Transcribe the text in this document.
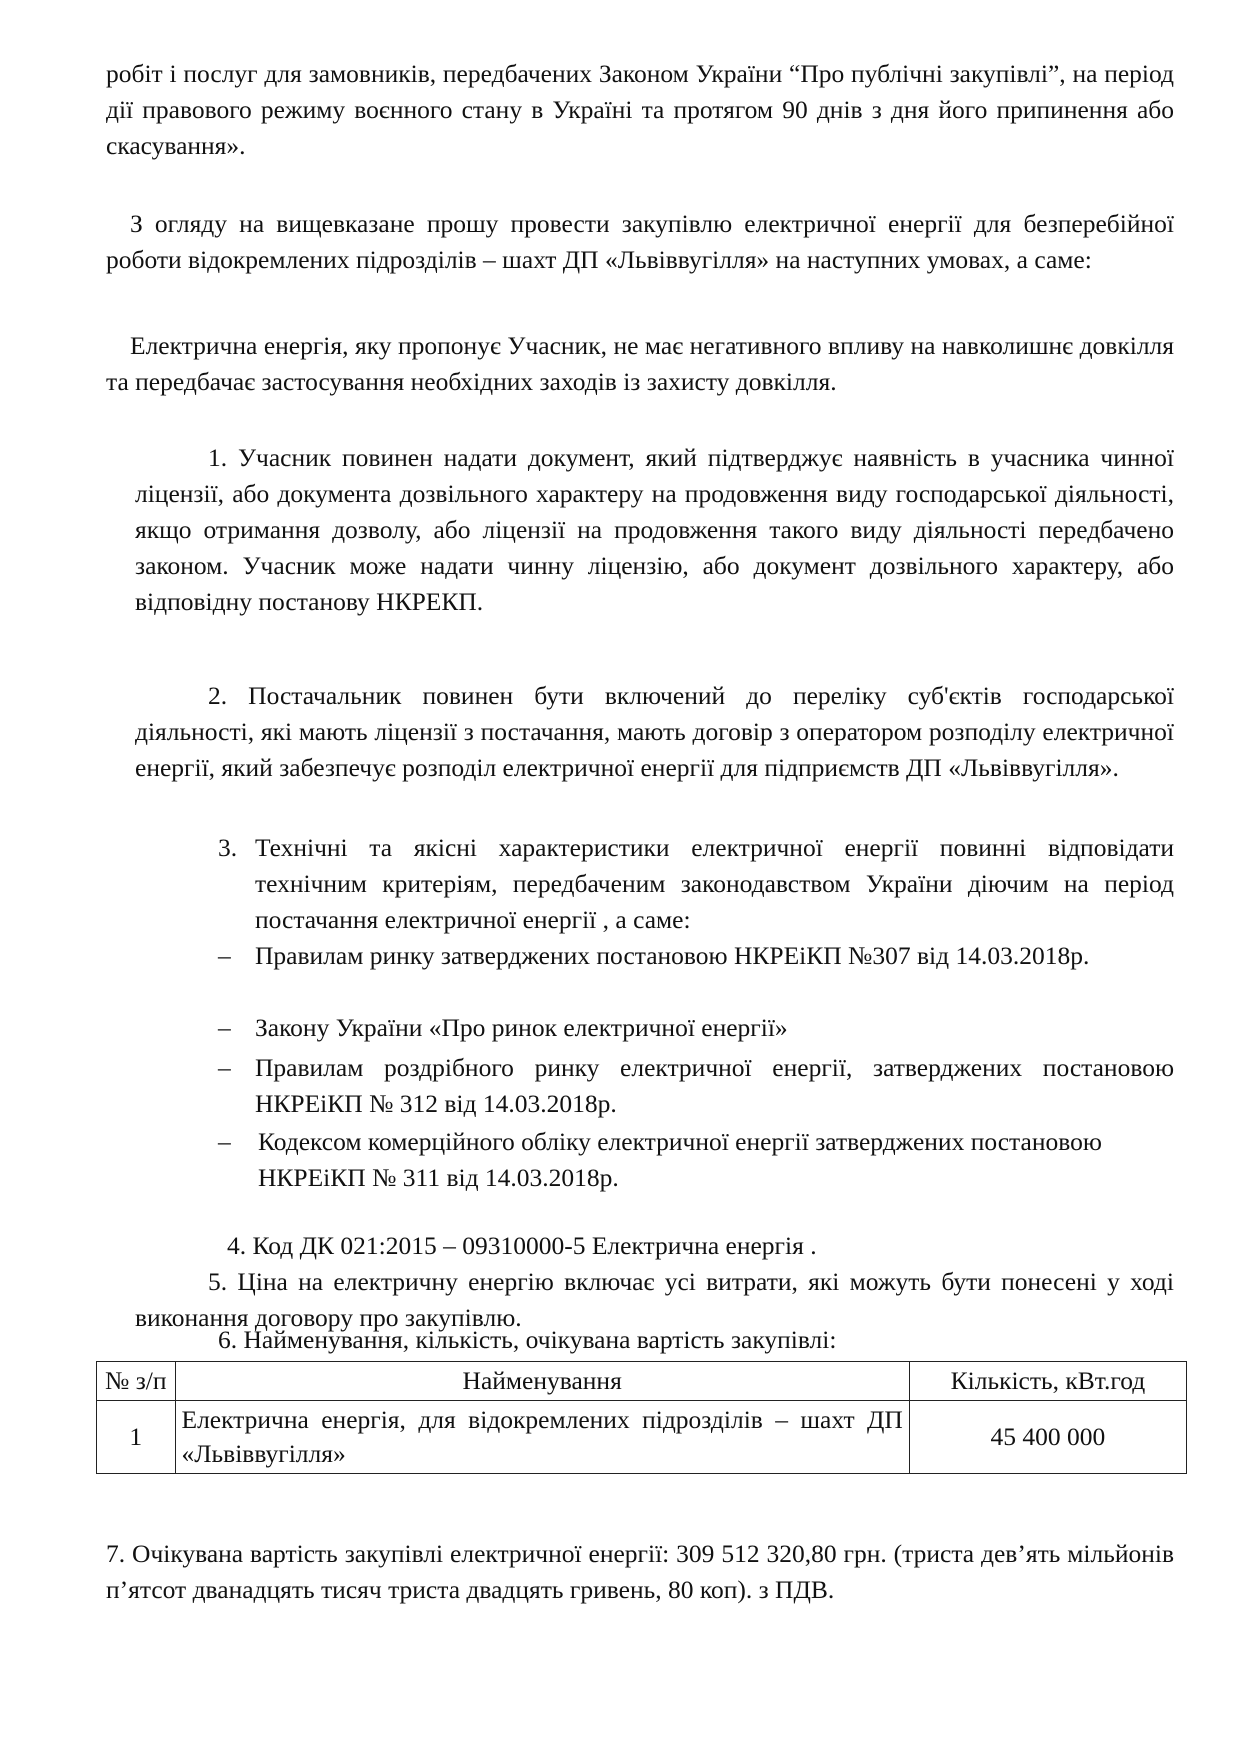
робіт і послуг для замовників, передбачених Законом України “Про публічні закупівлі”, на період дії правового режиму воєнного стану в Україні та протягом 90 днів з дня його припинення або скасування».

З огляду на вищевказане прошу провести закупівлю електричної енергії для безперебійної роботи відокремлених підрозділів – шахт ДП «Львіввугілля» на наступних умовах, а саме:

Електрична енергія, яку пропонує Учасник, не має негативного впливу на навколишнє довкілля та передбачає застосування необхідних заходів із захисту довкілля.

1. Учасник повинен надати документ, який підтверджує наявність в учасника чинної ліцензії, або документа дозвільного характеру на продовження виду господарської діяльності, якщо отримання дозволу, або ліцензії на продовження такого виду діяльності передбачено законом. Учасник може надати чинну ліцензію, або документ дозвільного характеру, або відповідну постанову НКРЕКП.

2. Постачальник повинен бути включений до переліку суб'єктів господарської діяльності, які мають ліцензії з постачання, мають договір з оператором розподілу електричної енергії, який забезпечує розподіл електричної енергії для підприємств ДП «Львіввугілля».

3. Технічні та якісні характеристики електричної енергії повинні відповідати технічним критеріям, передбаченим законодавством України діючим на період постачання електричної енергії , а саме:
– Правилам ринку затверджених постановою НКРЕіКП №307 від 14.03.2018р.
– Закону України «Про ринок електричної енергії»
– Правилам роздрібного ринку електричної енергії, затверджених постановою НКРЕіКП № 312 від 14.03.2018р.
– Кодексом комерційного обліку електричної енергії затверджених постановою НКРЕіКП № 311 від 14.03.2018р.

4. Код ДК 021:2015 – 09310000-5 Електрична енергія .

5. Ціна на електричну енергію включає усі витрати, які можуть бути понесені у ході виконання договору про закупівлю.

6. Найменування, кількість, очікувана вартість закупівлі:

№ з/п	Найменування	Кількість, кВт.год
1	Електрична енергія, для відокремлених підрозділів – шахт ДП «Львіввугілля»	45 400 000

7. Очікувана вартість закупівлі електричної енергії: 309 512 320,80 грн. (триста дев’ять мільйонів п’ятсот дванадцять тисяч триста двадцять гривень, 80 коп). з ПДВ.
